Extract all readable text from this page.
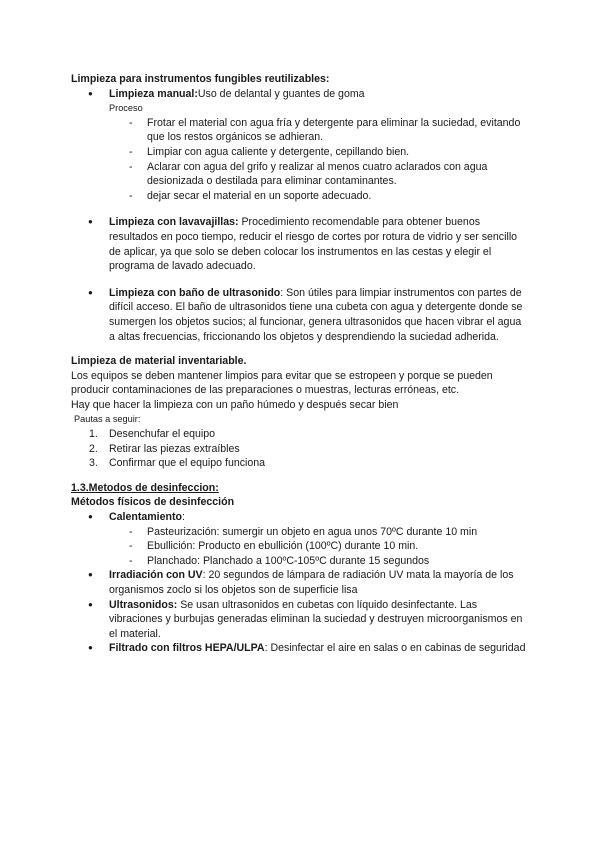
Limpieza para instrumentos fungibles reutilizables:

● Limpieza manual:Uso de delantal y guantes de goma

Proceso

- Frotar el material con agua fría y detergente para eliminar la suciedad, evitando que los restos orgánicos se adhieran.

- Limpiar con agua caliente y detergente, cepillando bien.

- Aclarar con agua del grifo y realizar al menos cuatro aclarados con agua desionizada o destilada para eliminar contaminantes.

- dejar secar el material en un soporte adecuado.

● Limpieza con lavavajillas: Procedimiento recomendable para obtener buenos resultados en poco tiempo, reducir el riesgo de cortes por rotura de vidrio y ser sencillo de aplicar, ya que solo se deben colocar los instrumentos en las cestas y elegir el programa de lavado adecuado.

● Limpieza con baño de ultrasonido: Son útiles para limpiar instrumentos con partes de difícil acceso. El baño de ultrasonidos tiene una cubeta con agua y detergente donde se sumergen los objetos sucios; al funcionar, genera ultrasonidos que hacen vibrar el agua a altas frecuencias, friccionando los objetos y desprendiendo la suciedad adherida.

Limpieza de material inventariable.

Los equipos se deben mantener limpios para evitar que se estropeen y porque se pueden producir contaminaciones de las preparaciones o muestras, lecturas erróneas, etc.

Hay que hacer la limpieza con un paño húmedo y después secar bien

Pautas a seguir:

1. Desenchufar el equipo

2. Retirar las piezas extraíbles

3. Confirmar que el equipo funciona

1.3.Metodos de desinfeccion:

Métodos físicos de desinfección

● Calentamiento:

- Pasteurización: sumergir un objeto en agua unos 70ºC durante 10 min

- Ebullición: Producto en ebullición (100ºC) durante 10 min.

- Planchado: Planchado a 100ºC-105ºC durante 15 segundos

● Irradiación con UV: 20 segundos de lámpara de radiación UV mata la mayoría de los organismos zoclo si los objetos son de superficie lisa

● Ultrasonidos: Se usan ultrasonidos en cubetas con líquido desinfectante. Las vibraciones y burbujas generadas eliminan la suciedad y destruyen microorganismos en el material.

● Filtrado con filtros HEPA/ULPA: Desinfectar el aire en salas o en cabinas de seguridad
